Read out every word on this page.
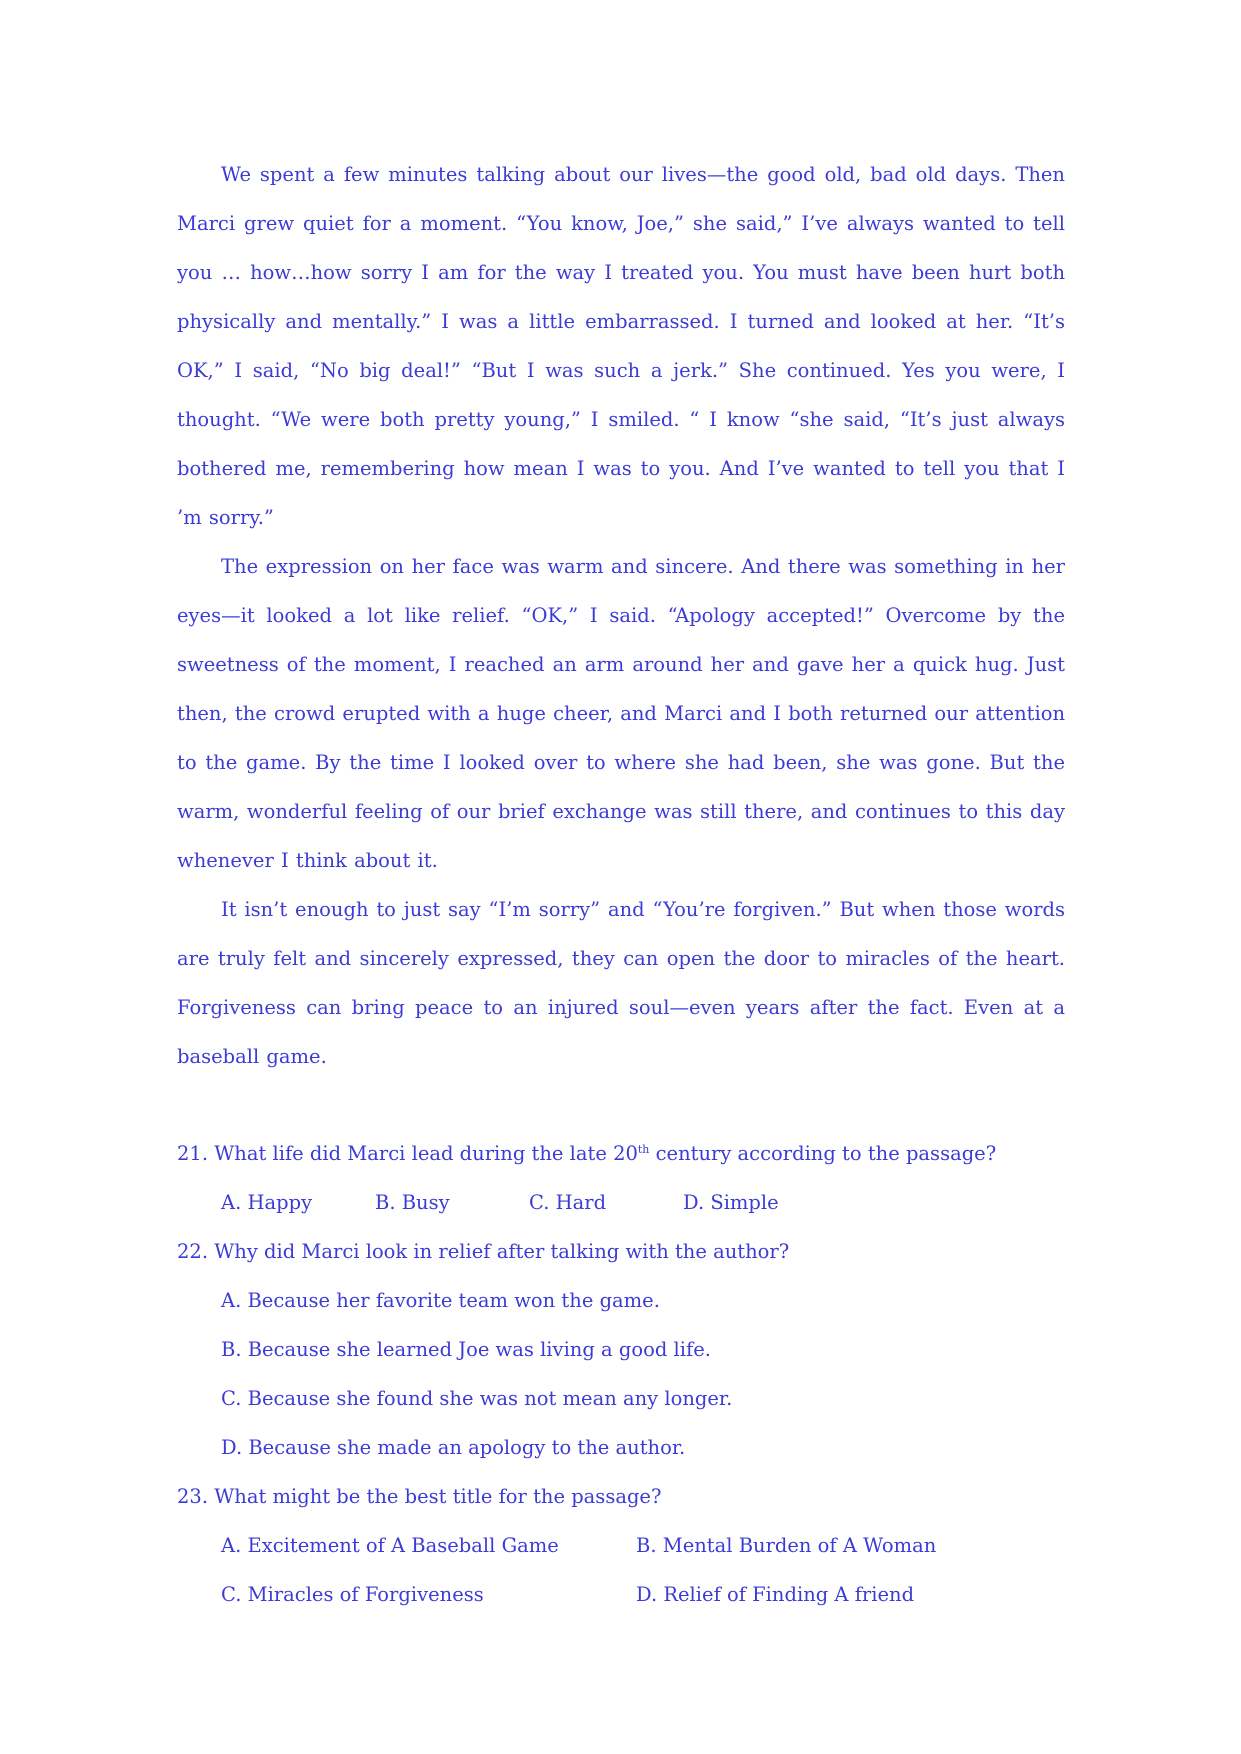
We spent a few minutes talking about our lives—the good old, bad old days. Then Marci grew quiet for a moment. “You know, Joe,” she said,” I’ve always wanted to tell you … how…how sorry I am for the way I treated you. You must have been hurt both physically and mentally.” I was a little embarrassed. I turned and looked at her. “It’s OK,” I said, “No big deal!” “But I was such a jerk.” She continued. Yes you were, I thought. “We were both pretty young,” I smiled. “ I know “she said, “It’s just always bothered me, remembering how mean I was to you. And I’ve wanted to tell you that I ’m sorry.”

The expression on her face was warm and sincere. And there was something in her eyes—it looked a lot like relief. “OK,” I said. “Apology accepted!” Overcome by the sweetness of the moment, I reached an arm around her and gave her a quick hug. Just then, the crowd erupted with a huge cheer, and Marci and I both returned our attention to the game. By the time I looked over to where she had been, she was gone. But the warm, wonderful feeling of our brief exchange was still there, and continues to this day whenever I think about it.

It isn’t enough to just say “I’m sorry” and “You’re forgiven.” But when those words are truly felt and sincerely expressed, they can open the door to miracles of the heart. Forgiveness can bring peace to an injured soul—even years after the fact. Even at a baseball game.

21. What life did Marci lead during the late 20th century according to the passage?

A. Happy	B. Busy	C. Hard	D. Simple

22. Why did Marci look in relief after talking with the author?

A. Because her favorite team won the game.

B. Because she learned Joe was living a good life.

C. Because she found she was not mean any longer.

D. Because she made an apology to the author.

23. What might be the best title for the passage?

A. Excitement of A Baseball Game	B. Mental Burden of A Woman
C. Miracles of Forgiveness	D. Relief of Finding A friend
